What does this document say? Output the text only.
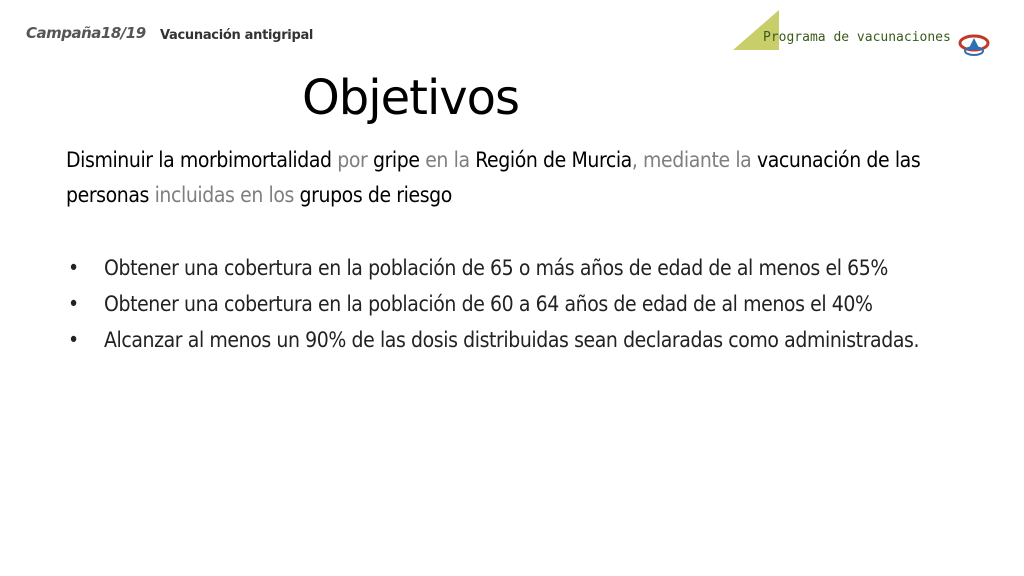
Campaña18/19 Vacunación antigripal	Programa de vacunaciones
Objetivos
Disminuir la morbimortalidad por gripe en la Región de Murcia, mediante la vacunación de las personas incluidas en los grupos de riesgo
• Obtener una cobertura en la población de 65 o más años de edad de al menos el 65%
• Obtener una cobertura en la población de 60 a 64 años de edad de al menos el 40%
• Alcanzar al menos un 90% de las dosis distribuidas sean declaradas como administradas.
